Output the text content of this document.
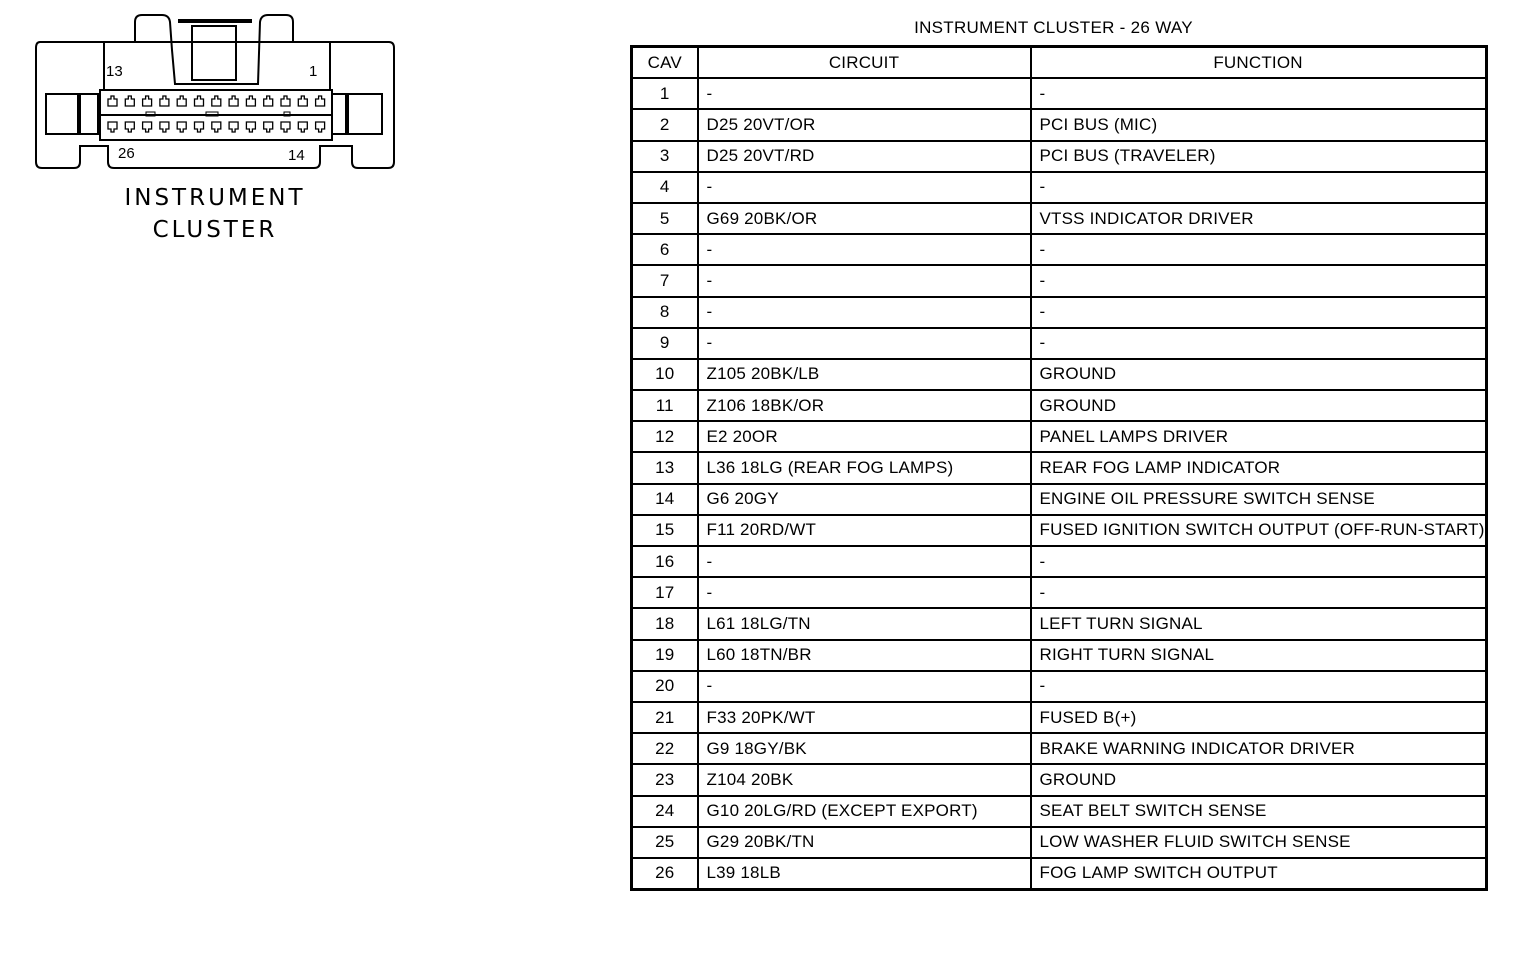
13	1
26	14
INSTRUMENT
CLUSTER
INSTRUMENT CLUSTER - 26 WAY
CAV	CIRCUIT	FUNCTION
1	-	-
2	D25 20VT/OR	PCI BUS (MIC)
3	D25 20VT/RD	PCI BUS (TRAVELER)
4	-	-
5	G69 20BK/OR	VTSS INDICATOR DRIVER
6	-	-
7	-	-
8	-	-
9	-	-
10	Z105 20BK/LB	GROUND
11	Z106 18BK/OR	GROUND
12	E2 20OR	PANEL LAMPS DRIVER
13	L36 18LG (REAR FOG LAMPS)	REAR FOG LAMP INDICATOR
14	G6 20GY	ENGINE OIL PRESSURE SWITCH SENSE
15	F11 20RD/WT	FUSED IGNITION SWITCH OUTPUT (OFF-RUN-START)
16	-	-
17	-	-
18	L61 18LG/TN	LEFT TURN SIGNAL
19	L60 18TN/BR	RIGHT TURN SIGNAL
20	-	-
21	F33 20PK/WT	FUSED B(+)
22	G9 18GY/BK	BRAKE WARNING INDICATOR DRIVER
23	Z104 20BK	GROUND
24	G10 20LG/RD (EXCEPT EXPORT)	SEAT BELT SWITCH SENSE
25	G29 20BK/TN	LOW WASHER FLUID SWITCH SENSE
26	L39 18LB	FOG LAMP SWITCH OUTPUT
